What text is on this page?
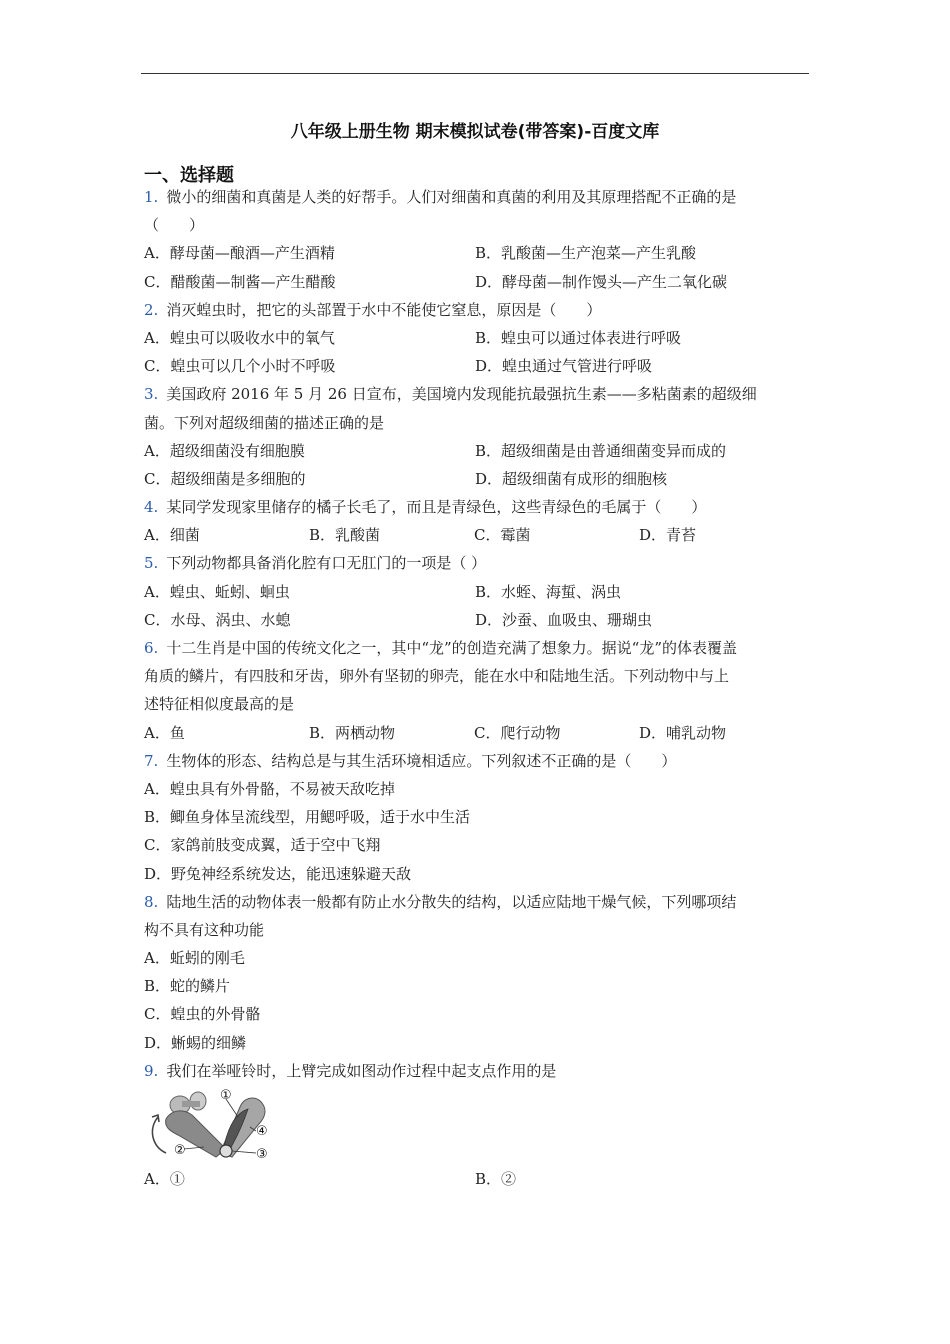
八年级上册生物 期末模拟试卷(带答案)-百度文库
一、选择题
1. 微小的细菌和真菌是人类的好帮手。人们对细菌和真菌的利用及其原理搭配不正确的是
（　　）
A．酵母菌—酿酒—产生酒精	B．乳酸菌—生产泡菜—产生乳酸
C．醋酸菌—制酱—产生醋酸	D．酵母菌—制作馒头—产生二氧化碳
2. 消灭蝗虫时，把它的头部置于水中不能使它窒息，原因是（　　）
A．蝗虫可以吸收水中的氧气	B．蝗虫可以通过体表进行呼吸
C．蝗虫可以几个小时不呼吸	D．蝗虫通过气管进行呼吸
3. 美国政府 2016 年 5 月 26 日宣布，美国境内发现能抗最强抗生素——多粘菌素的超级细
菌。下列对超级细菌的描述正确的是
A．超级细菌没有细胞膜	B．超级细菌是由普通细菌变异而成的
C．超级细菌是多细胞的	D．超级细菌有成形的细胞核
4. 某同学发现家里储存的橘子长毛了，而且是青绿色，这些青绿色的毛属于（　　）
A．细菌	B．乳酸菌	C．霉菌	D．青苔
5. 下列动物都具备消化腔有口无肛门的一项是（ ）
A．蝗虫、蚯蚓、蛔虫	B．水蛭、海蜇、涡虫
C．水母、涡虫、水螅	D．沙蚕、血吸虫、珊瑚虫
6. 十二生肖是中国的传统文化之一，其中“龙”的创造充满了想象力。据说“龙”的体表覆盖
角质的鳞片，有四肢和牙齿，卵外有坚韧的卵壳，能在水中和陆地生活。下列动物中与上
述特征相似度最高的是
A．鱼	B．两栖动物	C．爬行动物	D．哺乳动物
7. 生物体的形态、结构总是与其生活环境相适应。下列叙述不正确的是（　　）
A．蝗虫具有外骨骼，不易被天敌吃掉
B．鲫鱼身体呈流线型，用鳃呼吸，适于水中生活
C．家鸽前肢变成翼，适于空中飞翔
D．野兔神经系统发达，能迅速躲避天敌
8. 陆地生活的动物体表一般都有防止水分散失的结构，以适应陆地干燥气候，下列哪项结
构不具有这种功能
A．蚯蚓的刚毛
B．蛇的鳞片
C．蝗虫的外骨骼
D．蜥蜴的细鳞
9. 我们在举哑铃时，上臂完成如图动作过程中起支点作用的是
①
②	③
④
A．①	B．②
